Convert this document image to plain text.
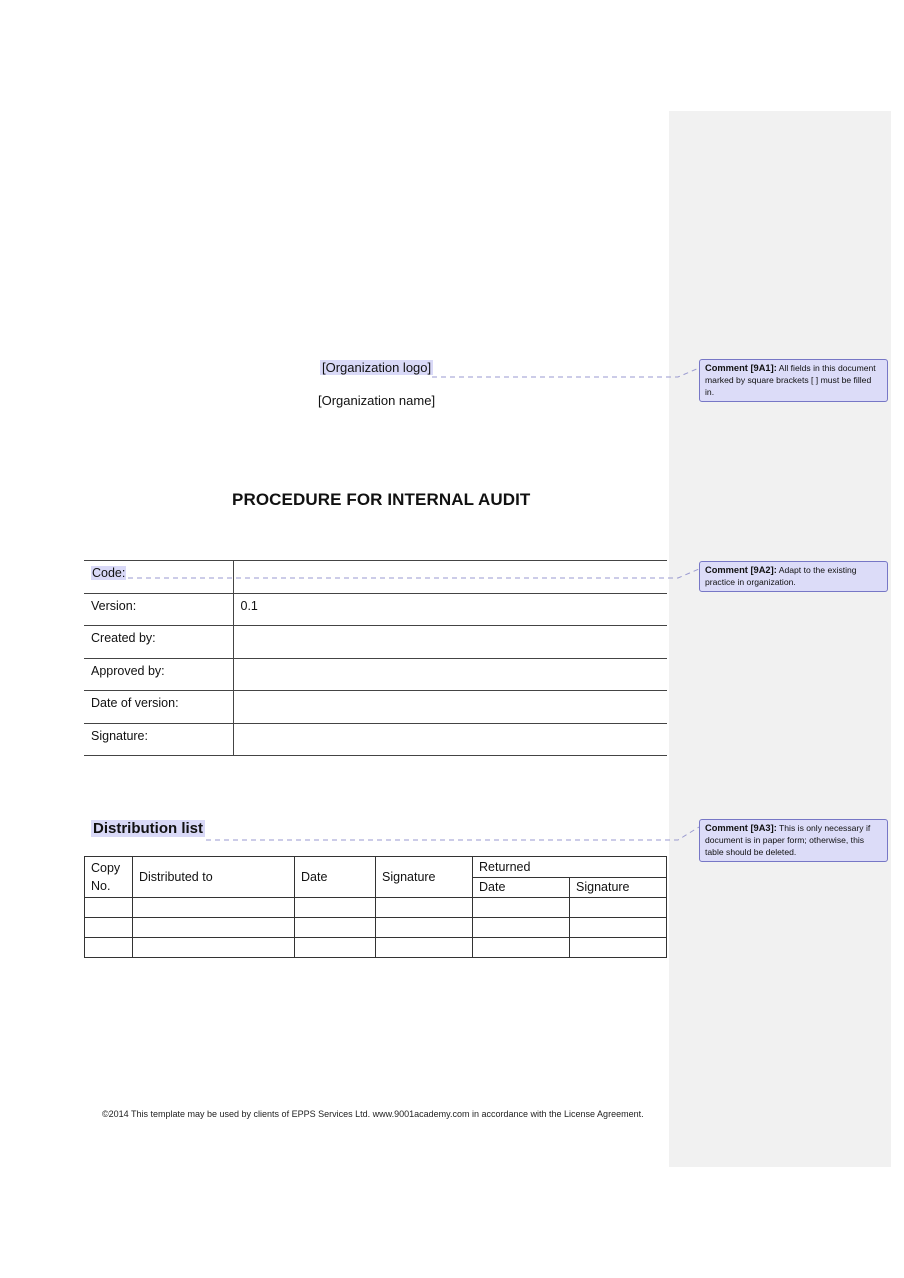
[Organization logo]
[Organization name]
PROCEDURE FOR INTERNAL AUDIT
Code:	
Version:	0.1
Created by:	
Approved by:	
Date of version:	
Signature:	
Distribution list
Copy No.	Distributed to	Date	Signature	Returned	
				Date	Signature

©2014 This template may be used by clients of EPPS Services Ltd. www.9001academy.com in accordance with the License Agreement.
Comment [9A1]: All fields in this document marked by square brackets [ ] must be filled in.
Comment [9A2]: Adapt to the existing practice in organization.
Comment [9A3]: This is only necessary if document is in paper form; otherwise, this table should be deleted.
